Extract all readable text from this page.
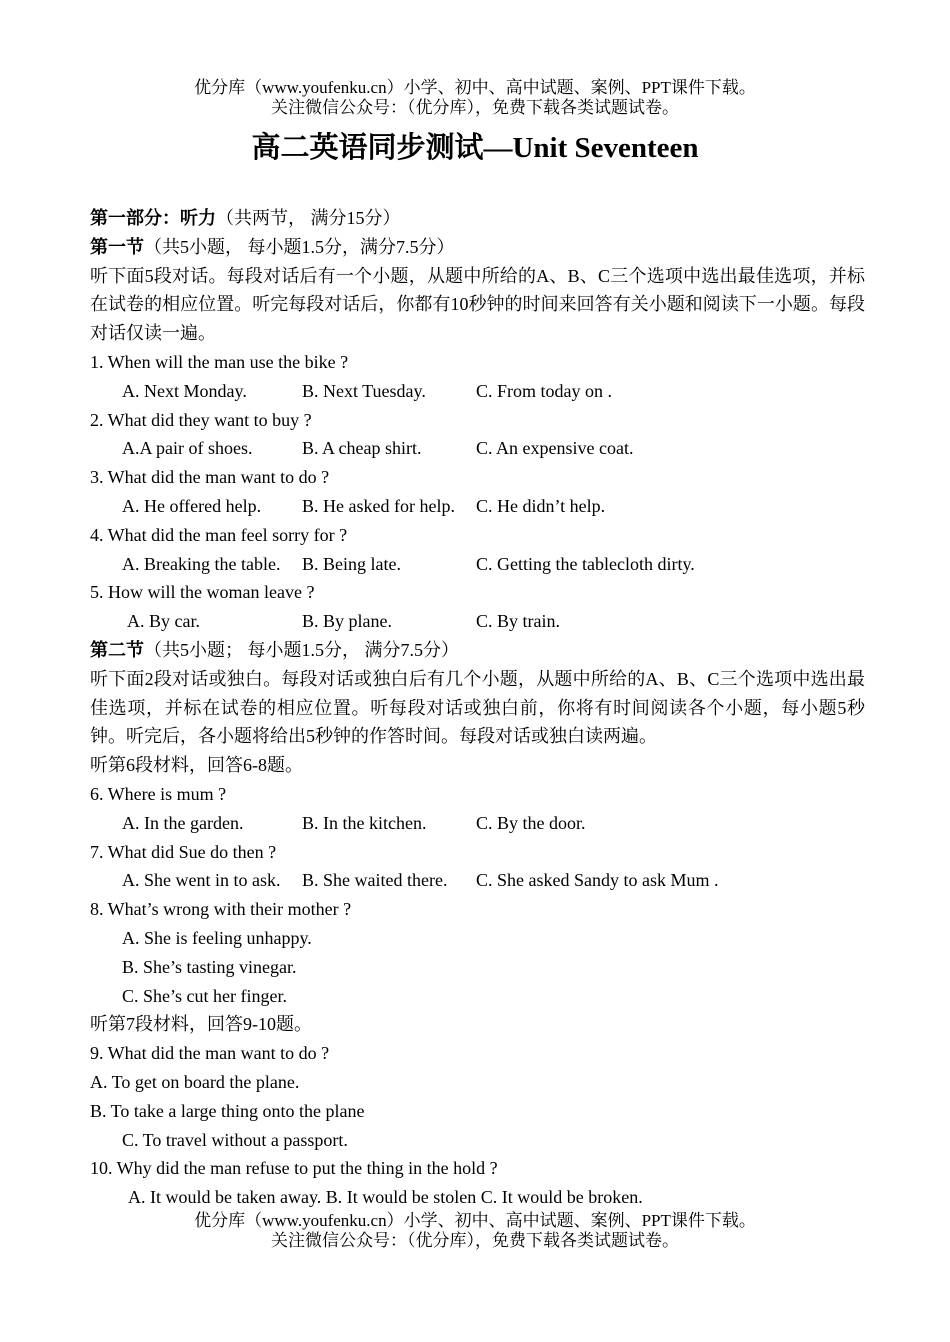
优分库（www.youfenku.cn）小学、初中、高中试题、案例、PPT课件下载。
关注微信公众号：（优分库），免费下载各类试题试卷。
高二英语同步测试—Unit Seventeen
第一部分：听力（共两节， 满分15分）
第一节（共5小题， 每小题1.5分，满分7.5分）
听下面5段对话。每段对话后有一个小题，从题中所给的A、B、C三个选项中选出最佳选项，并标在试卷的相应位置。听完每段对话后，你都有10秒钟的时间来回答有关小题和阅读下一小题。每段对话仅读一遍。
1. When will the man use the bike ?
A. Next Monday.	B. Next Tuesday.	C. From today on .
2. What did they want to buy ?
A.A pair of shoes.	B. A cheap shirt.	C. An expensive coat.
3. What did the man want to do ?
A. He offered help.	B. He asked for help.	C. He didn’t help.
4. What did the man feel sorry for ?
A. Breaking the table.	B. Being late.	C. Getting the tablecloth dirty.
5. How will the woman leave ?
A. By car.	B. By plane.	C. By train.
第二节（共5小题； 每小题1.5分， 满分7.5分）
听下面2段对话或独白。每段对话或独白后有几个小题，从题中所给的A、B、C三个选项中选出最佳选项，并标在试卷的相应位置。听每段对话或独白前，你将有时间阅读各个小题，每小题5秒钟。听完后，各小题将给出5秒钟的作答时间。每段对话或独白读两遍。
听第6段材料，回答6-8题。
6. Where is mum ?
A. In the garden.	B. In the kitchen.	C. By the door.
7. What did Sue do then ?
A. She went in to ask.	B. She waited there.	C. She asked Sandy to ask Mum .
8. What’s wrong with their mother ?
A. She is feeling unhappy.
B. She’s tasting vinegar.
C. She’s cut her finger.
听第7段材料，回答9-10题。
9. What did the man want to do ?
A. To get on board the plane.
B. To take a large thing onto the plane
C. To travel without a passport.
10. Why did the man refuse to put the thing in the hold ?
A. It would be taken away. B. It would be stolen C. It would be broken.
优分库（www.youfenku.cn）小学、初中、高中试题、案例、PPT课件下载。
关注微信公众号：（优分库），免费下载各类试题试卷。
